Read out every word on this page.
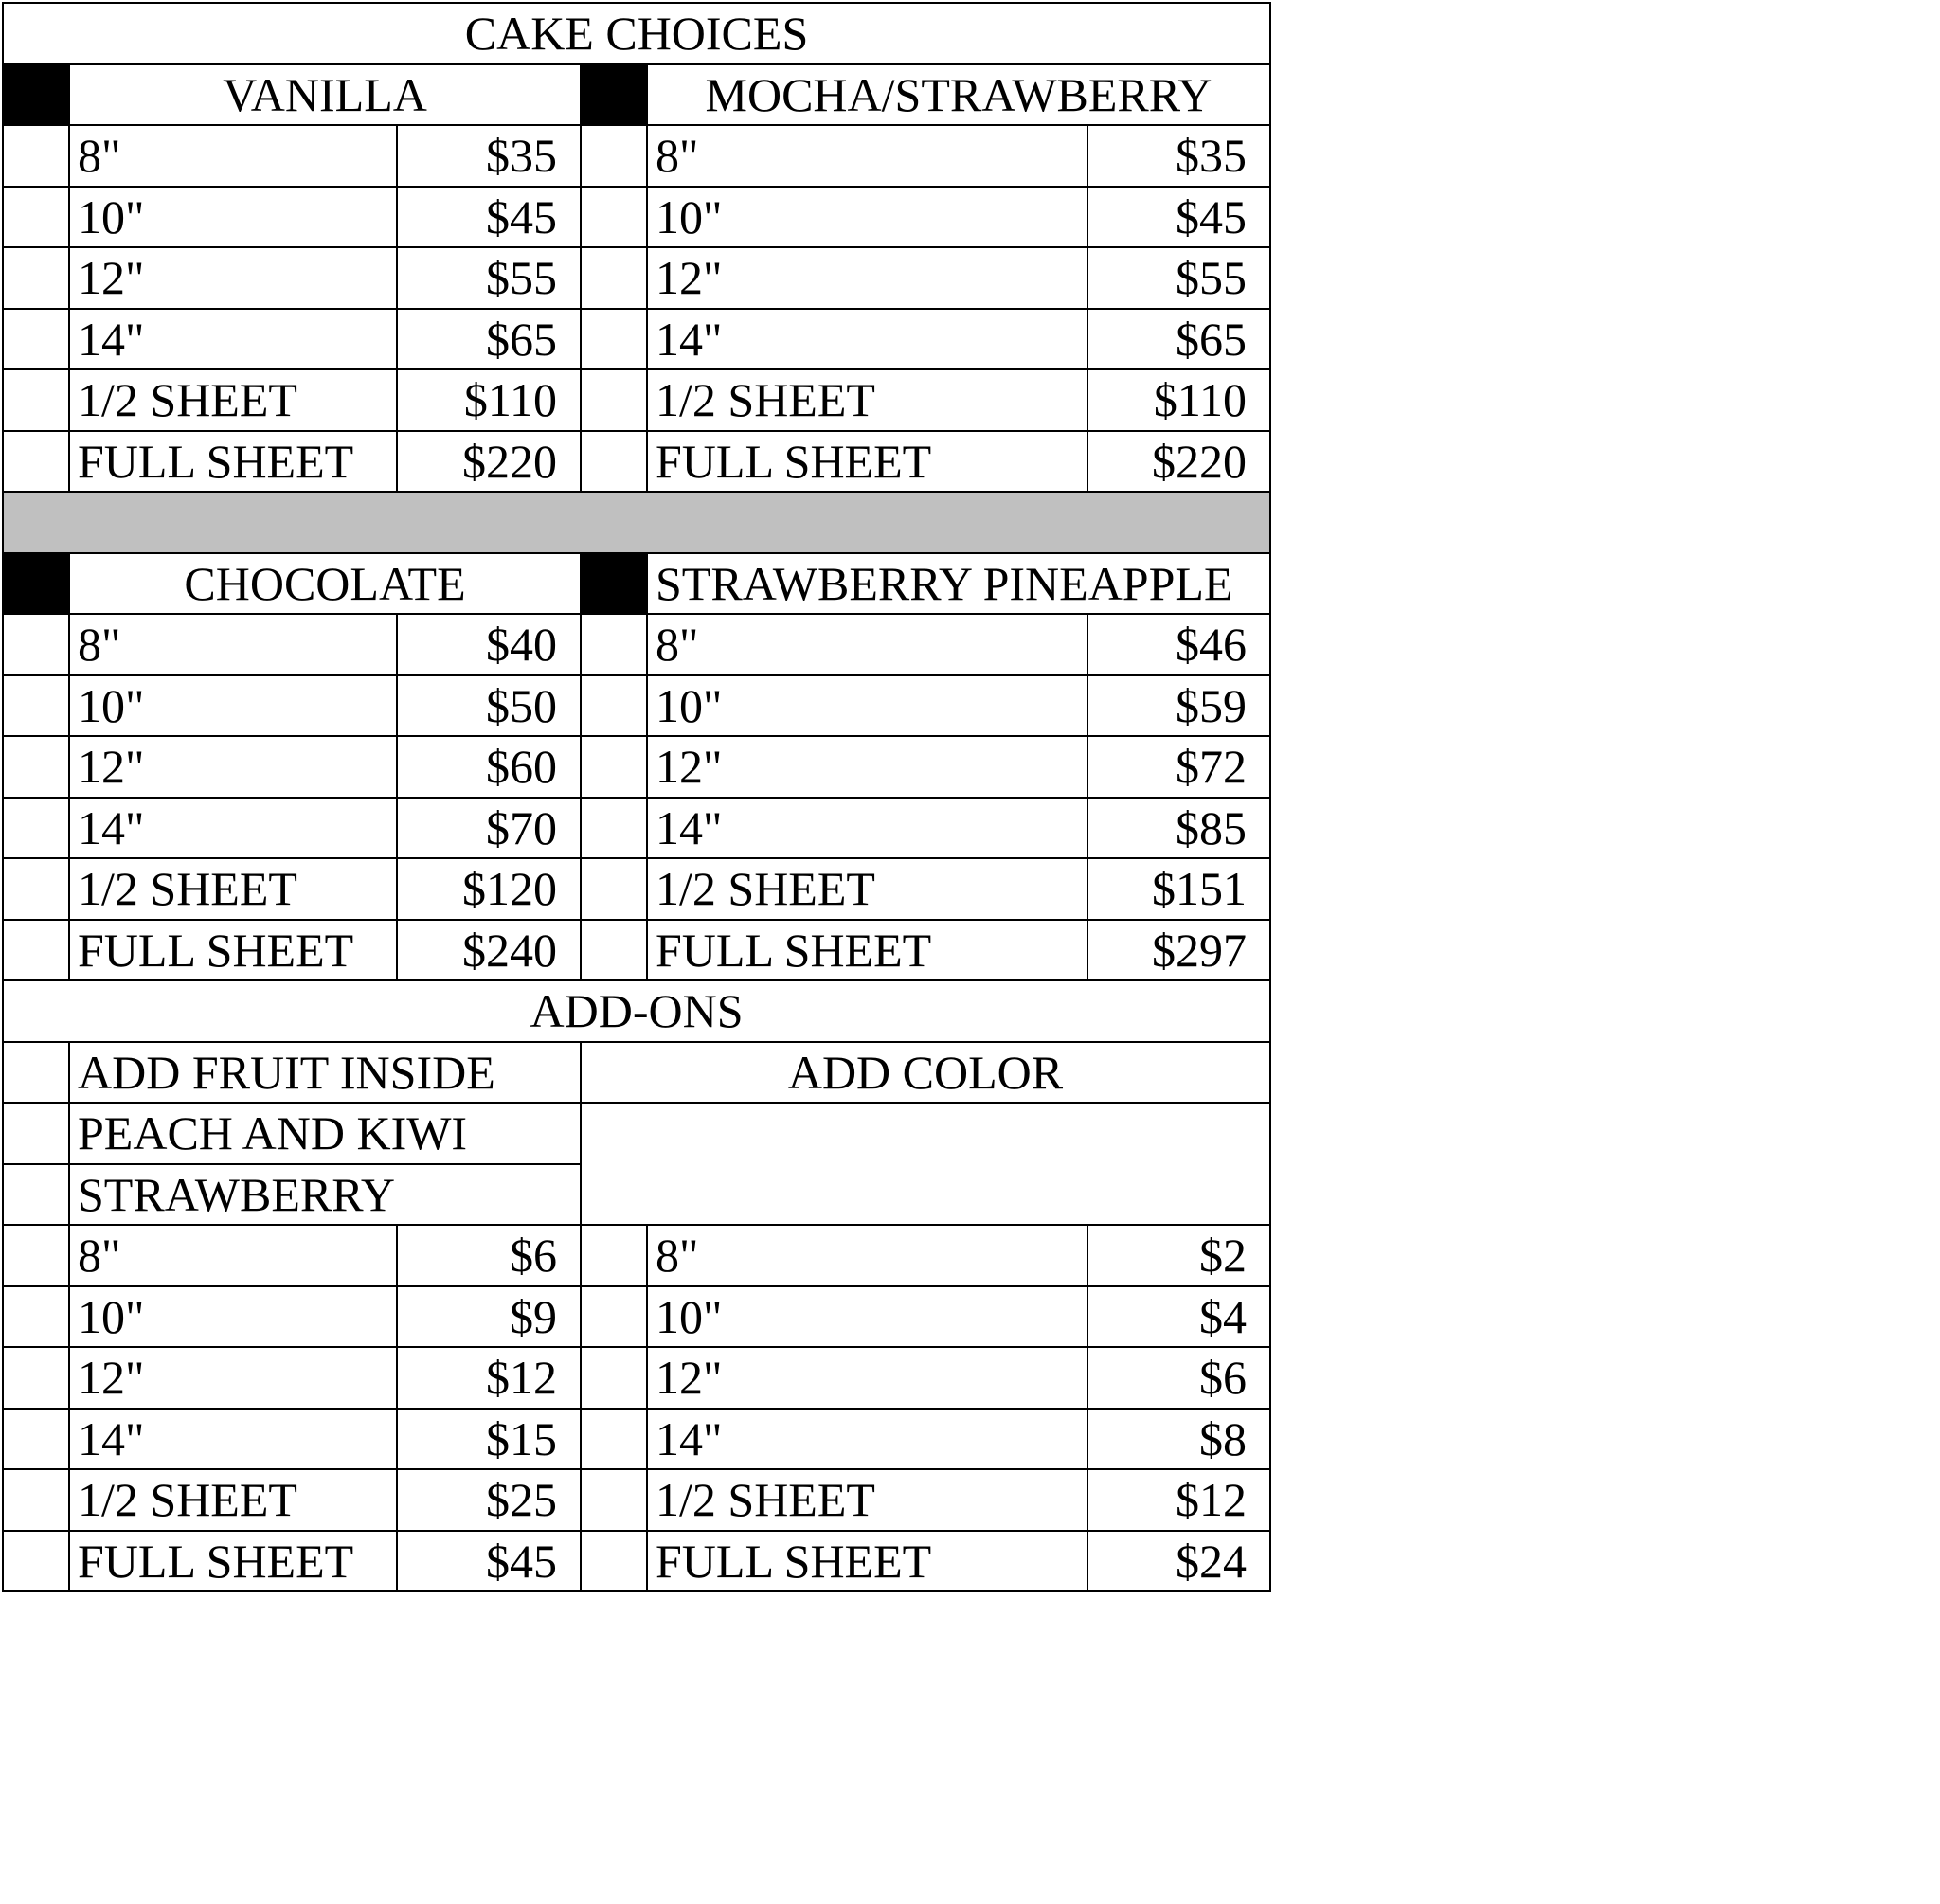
CAKE CHOICES					
	VANILLA			MOCHA/STRAWBERRY	
	8"	$35		8"	$35
	10"	$45		10"	$45
	12"	$55		12"	$55
	14"	$65		14"	$65
	1/2 SHEET	$110		1/2 SHEET	$110
	FULL SHEET	$220		FULL SHEET	$220

	CHOCOLATE			STRAWBERRY PINEAPPLE	
	8"	$40		8"	$46
	10"	$50		10"	$59
	12"	$60		12"	$72
	14"	$70		14"	$85
	1/2 SHEET	$120		1/2 SHEET	$151
	FULL SHEET	$240		FULL SHEET	$297
ADD-ONS					
	ADD FRUIT INSIDE		ADD COLOR		
	PEACH AND KIWI				
	STRAWBERRY				
	8"	$6		8"	$2
	10"	$9		10"	$4
	12"	$12		12"	$6
	14"	$15		14"	$8
	1/2 SHEET	$25		1/2 SHEET	$12
	FULL SHEET	$45		FULL SHEET	$24
